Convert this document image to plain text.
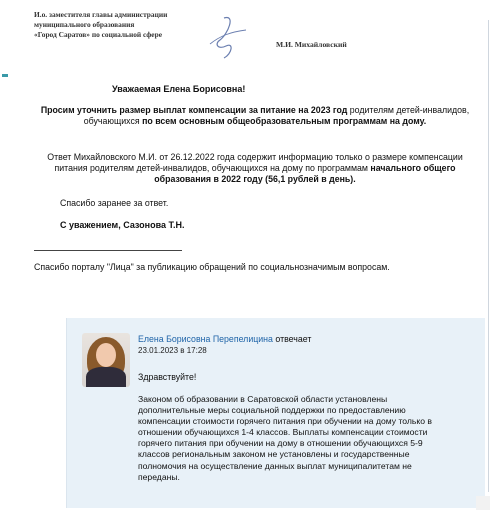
И.о. заместителя главы администрации
муниципального образования
«Город Саратов» по социальной сфере
М.И. Михайловский
Уважаемая Елена Борисовна!
Просим уточнить размер выплат компенсации за питание на 2023 год родителям детей-инвалидов, обучающихся по всем основным общеобразовательным программам на дому.
Ответ Михайловского М.И. от 26.12.2022 года содержит информацию только о размере компенсации питания родителям детей-инвалидов, обучающихся на дому по программам начального общего образования в 2022 году (56,1 рублей в день).
Спасибо заранее за ответ.
С уважением, Сазонова Т.Н.
Спасибо порталу "Лица" за публикацию обращений по социальнозначимым вопросам.
Елена Борисовна Перепелицина отвечает
23.01.2023 в 17:28
Здравствуйте!
Законом об образовании в Саратовской области установлены дополнительные меры социальной поддержки по предоставлению компенсации стоимости горячего питания при обучении на дому только в отношении обучающихся 1-4 классов. Выплаты компенсации стоимости горячего питания при обучении на дому в отношении обучающихся 5-9 классов региональным законом не установлены и государственные полномочия на осуществление данных выплат муниципалитетам не переданы.
